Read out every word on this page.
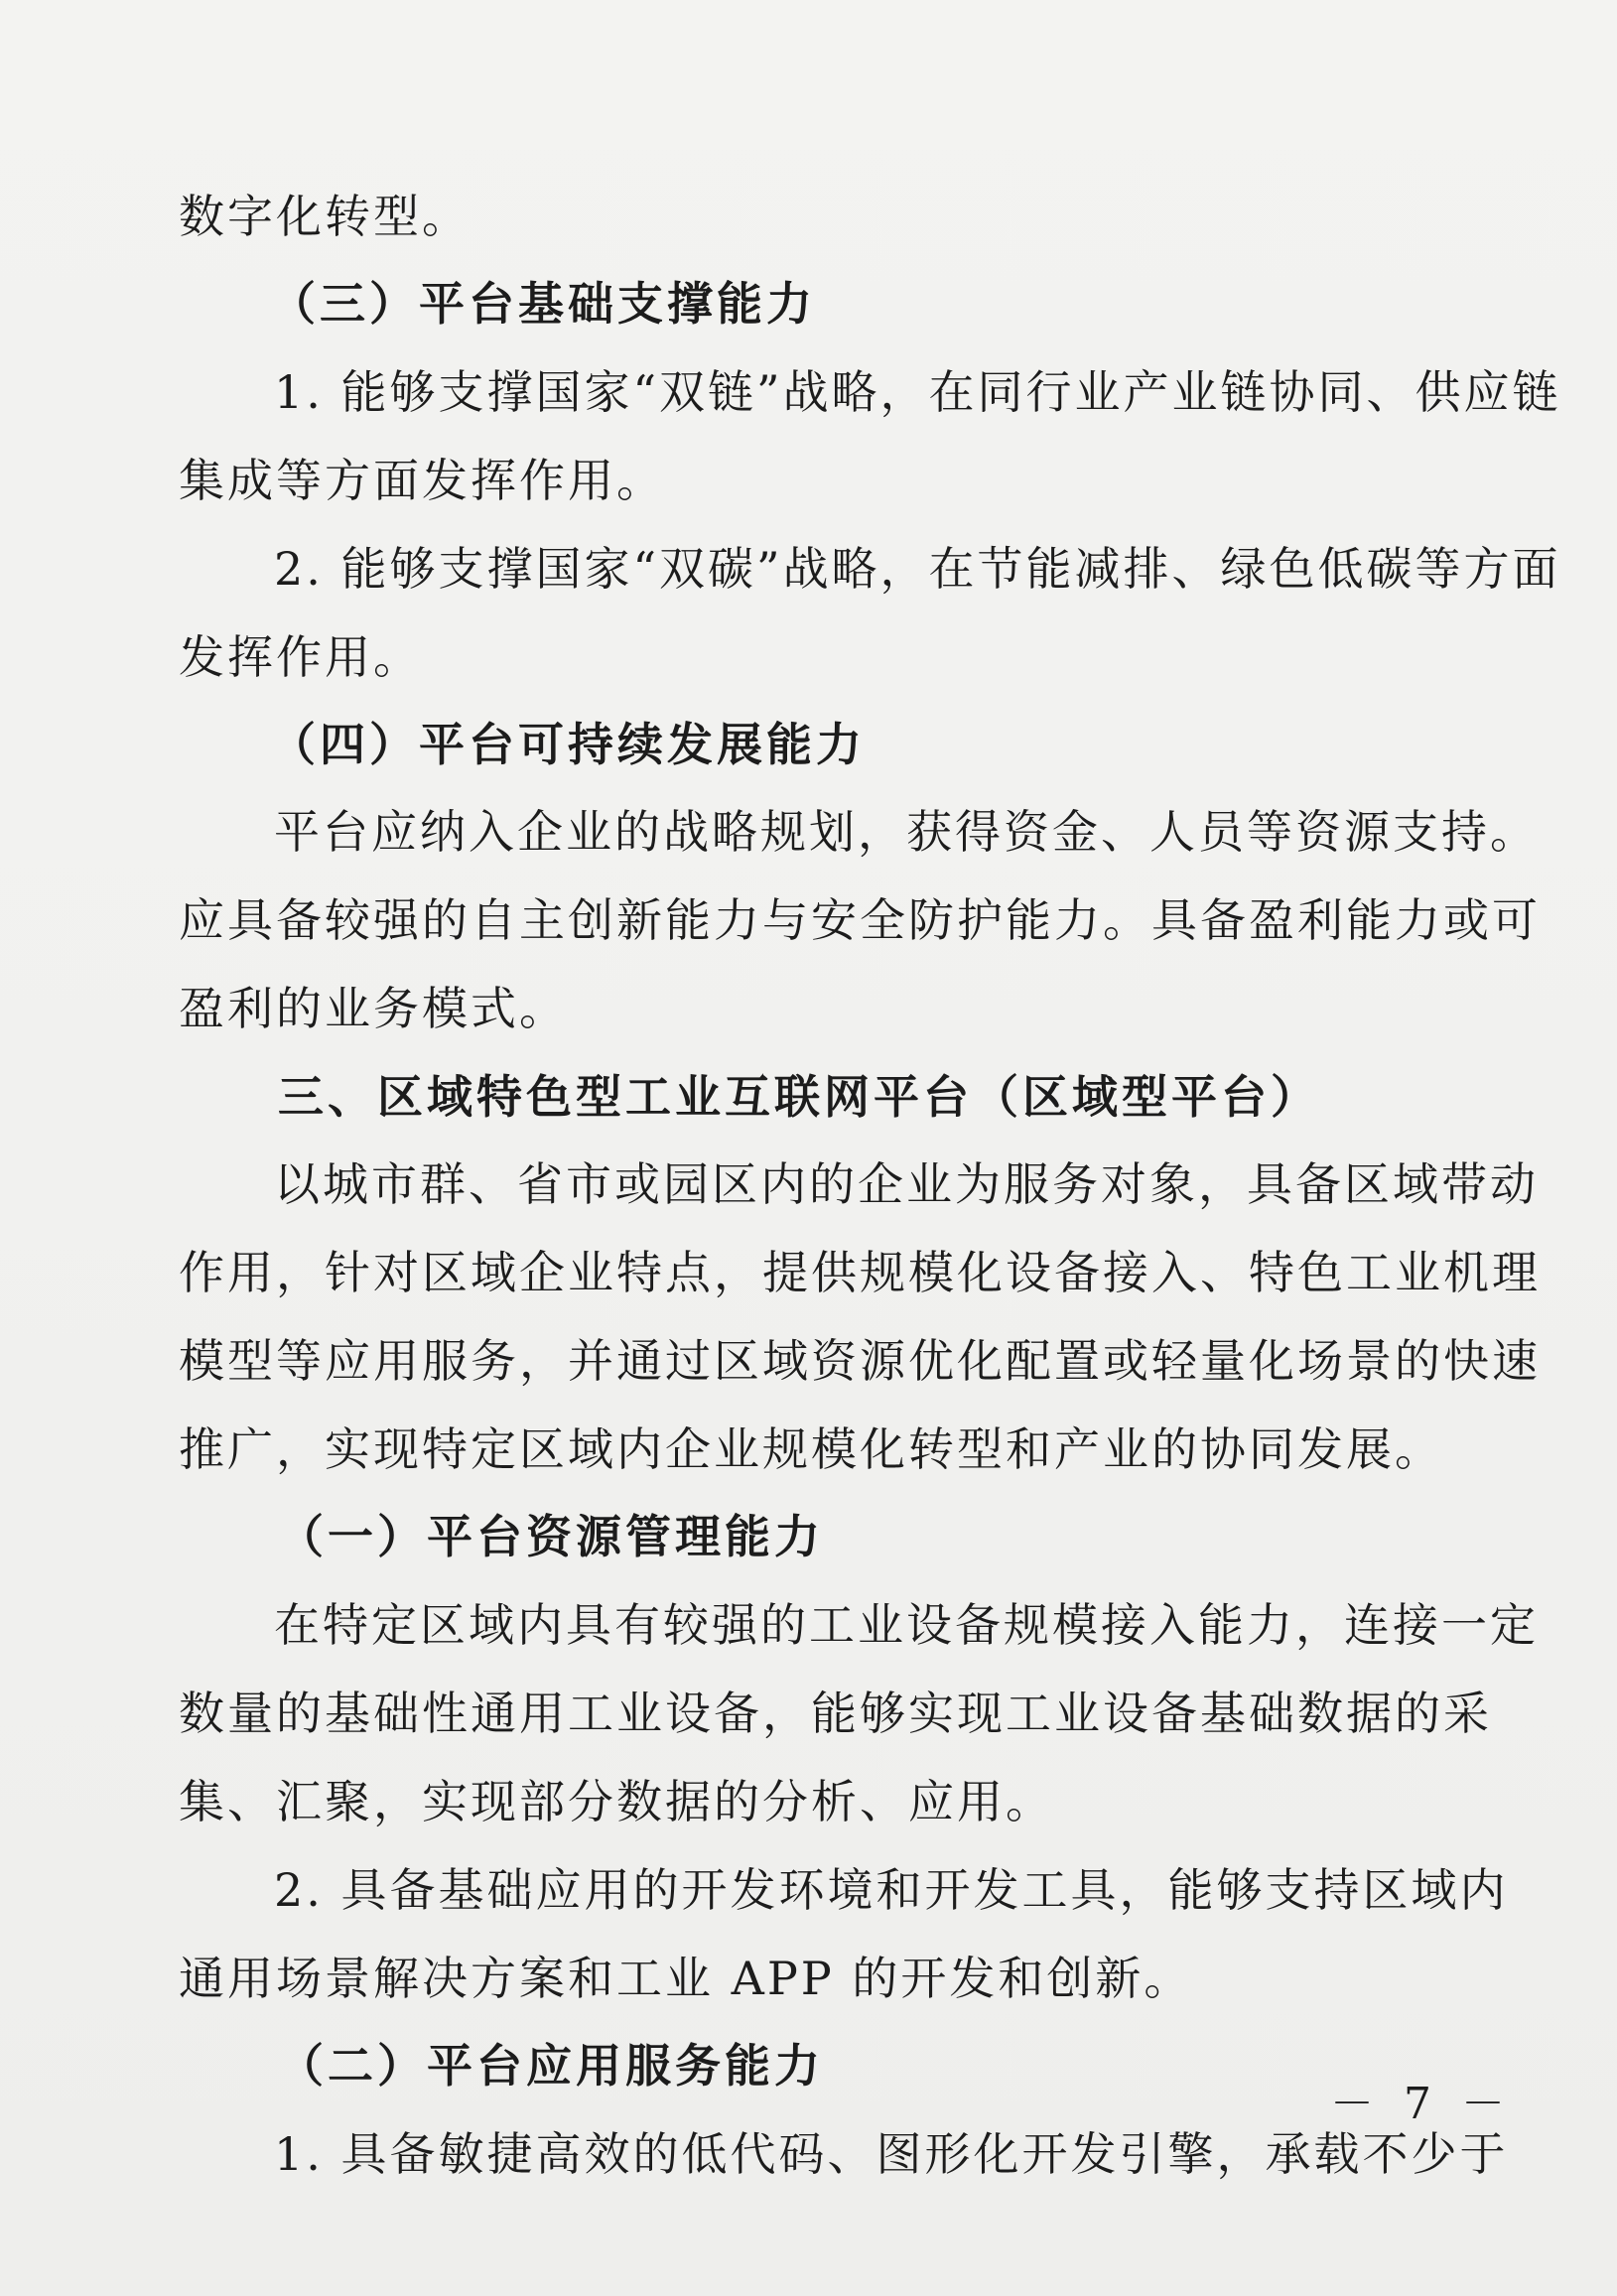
数字化转型。
（三）平台基础支撑能力
1. 能够支撑国家“双链”战略，在同行业产业链协同、供应链
集成等方面发挥作用。
2. 能够支撑国家“双碳”战略，在节能减排、绿色低碳等方面
发挥作用。
（四）平台可持续发展能力
平台应纳入企业的战略规划，获得资金、人员等资源支持。
应具备较强的自主创新能力与安全防护能力。具备盈利能力或可
盈利的业务模式。
三、区域特色型工业互联网平台（区域型平台）
以城市群、省市或园区内的企业为服务对象，具备区域带动
作用，针对区域企业特点，提供规模化设备接入、特色工业机理
模型等应用服务，并通过区域资源优化配置或轻量化场景的快速
推广，实现特定区域内企业规模化转型和产业的协同发展。
（一）平台资源管理能力
在特定区域内具有较强的工业设备规模接入能力，连接一定
数量的基础性通用工业设备，能够实现工业设备基础数据的采
集、汇聚，实现部分数据的分析、应用。
2. 具备基础应用的开发环境和开发工具，能够支持区域内
通用场景解决方案和工业 APP 的开发和创新。
（二）平台应用服务能力
1. 具备敏捷高效的低代码、图形化开发引擎，承载不少于
－ 7 －
